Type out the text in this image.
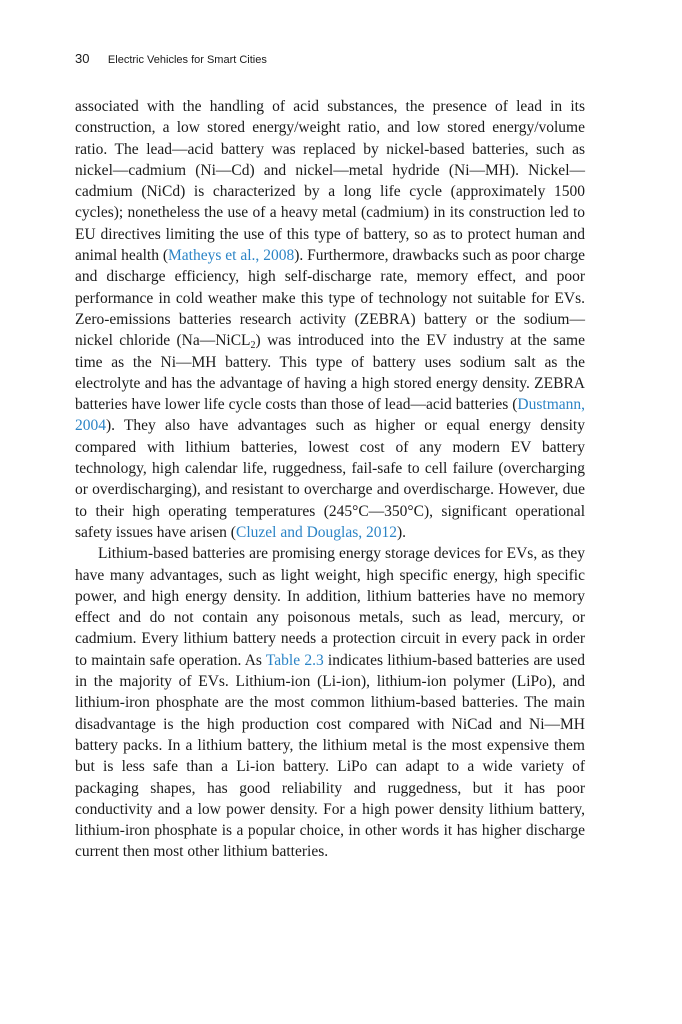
30 Electric Vehicles for Smart Cities

associated with the handling of acid substances, the presence of lead in its construction, a low stored energy/weight ratio, and low stored energy/volume ratio. The lead—acid battery was replaced by nickel-based batteries, such as nickel—cadmium (Ni—Cd) and nickel—metal hydride (Ni—MH). Nickel—cadmium (NiCd) is characterized by a long life cycle (approximately 1500 cycles); nonetheless the use of a heavy metal (cadmium) in its construction led to EU directives limiting the use of this type of battery, so as to protect human and animal health (Matheys et al., 2008). Furthermore, drawbacks such as poor charge and discharge efficiency, high self-discharge rate, memory effect, and poor performance in cold weather make this type of technology not suitable for EVs. Zero-emissions batteries research activity (ZEBRA) battery or the sodium—nickel chloride (Na—NiCL$_2$) was introduced into the EV industry at the same time as the Ni—MH battery. This type of battery uses sodium salt as the electrolyte and has the advantage of having a high stored energy density. ZEBRA batteries have lower life cycle costs than those of lead—acid batteries (Dustmann, 2004). They also have advantages such as higher or equal energy density compared with lithium batteries, lowest cost of any modern EV battery technology, high calendar life, ruggedness, fail-safe to cell failure (overcharging or overdischarging), and resistant to overcharge and overdischarge. However, due to their high operating temperatures (245°C—350°C), significant operational safety issues have arisen (Cluzel and Douglas, 2012).

Lithium-based batteries are promising energy storage devices for EVs, as they have many advantages, such as light weight, high specific energy, high specific power, and high energy density. In addition, lithium batteries have no memory effect and do not contain any poisonous metals, such as lead, mercury, or cadmium. Every lithium battery needs a protection circuit in every pack in order to maintain safe operation. As Table 2.3 indicates lithium-based batteries are used in the majority of EVs. Lithium-ion (Li-ion), lithium-ion polymer (LiPo), and lithium-iron phosphate are the most common lithium-based batteries. The main disadvantage is the high production cost compared with NiCad and Ni—MH battery packs. In a lithium battery, the lithium metal is the most expensive them but is less safe than a Li-ion battery. LiPo can adapt to a wide variety of packaging shapes, has good reliability and ruggedness, but it has poor conductivity and a low power density. For a high power density lithium battery, lithium-iron phosphate is a popular choice, in other words it has higher discharge current then most other lithium batteries.
